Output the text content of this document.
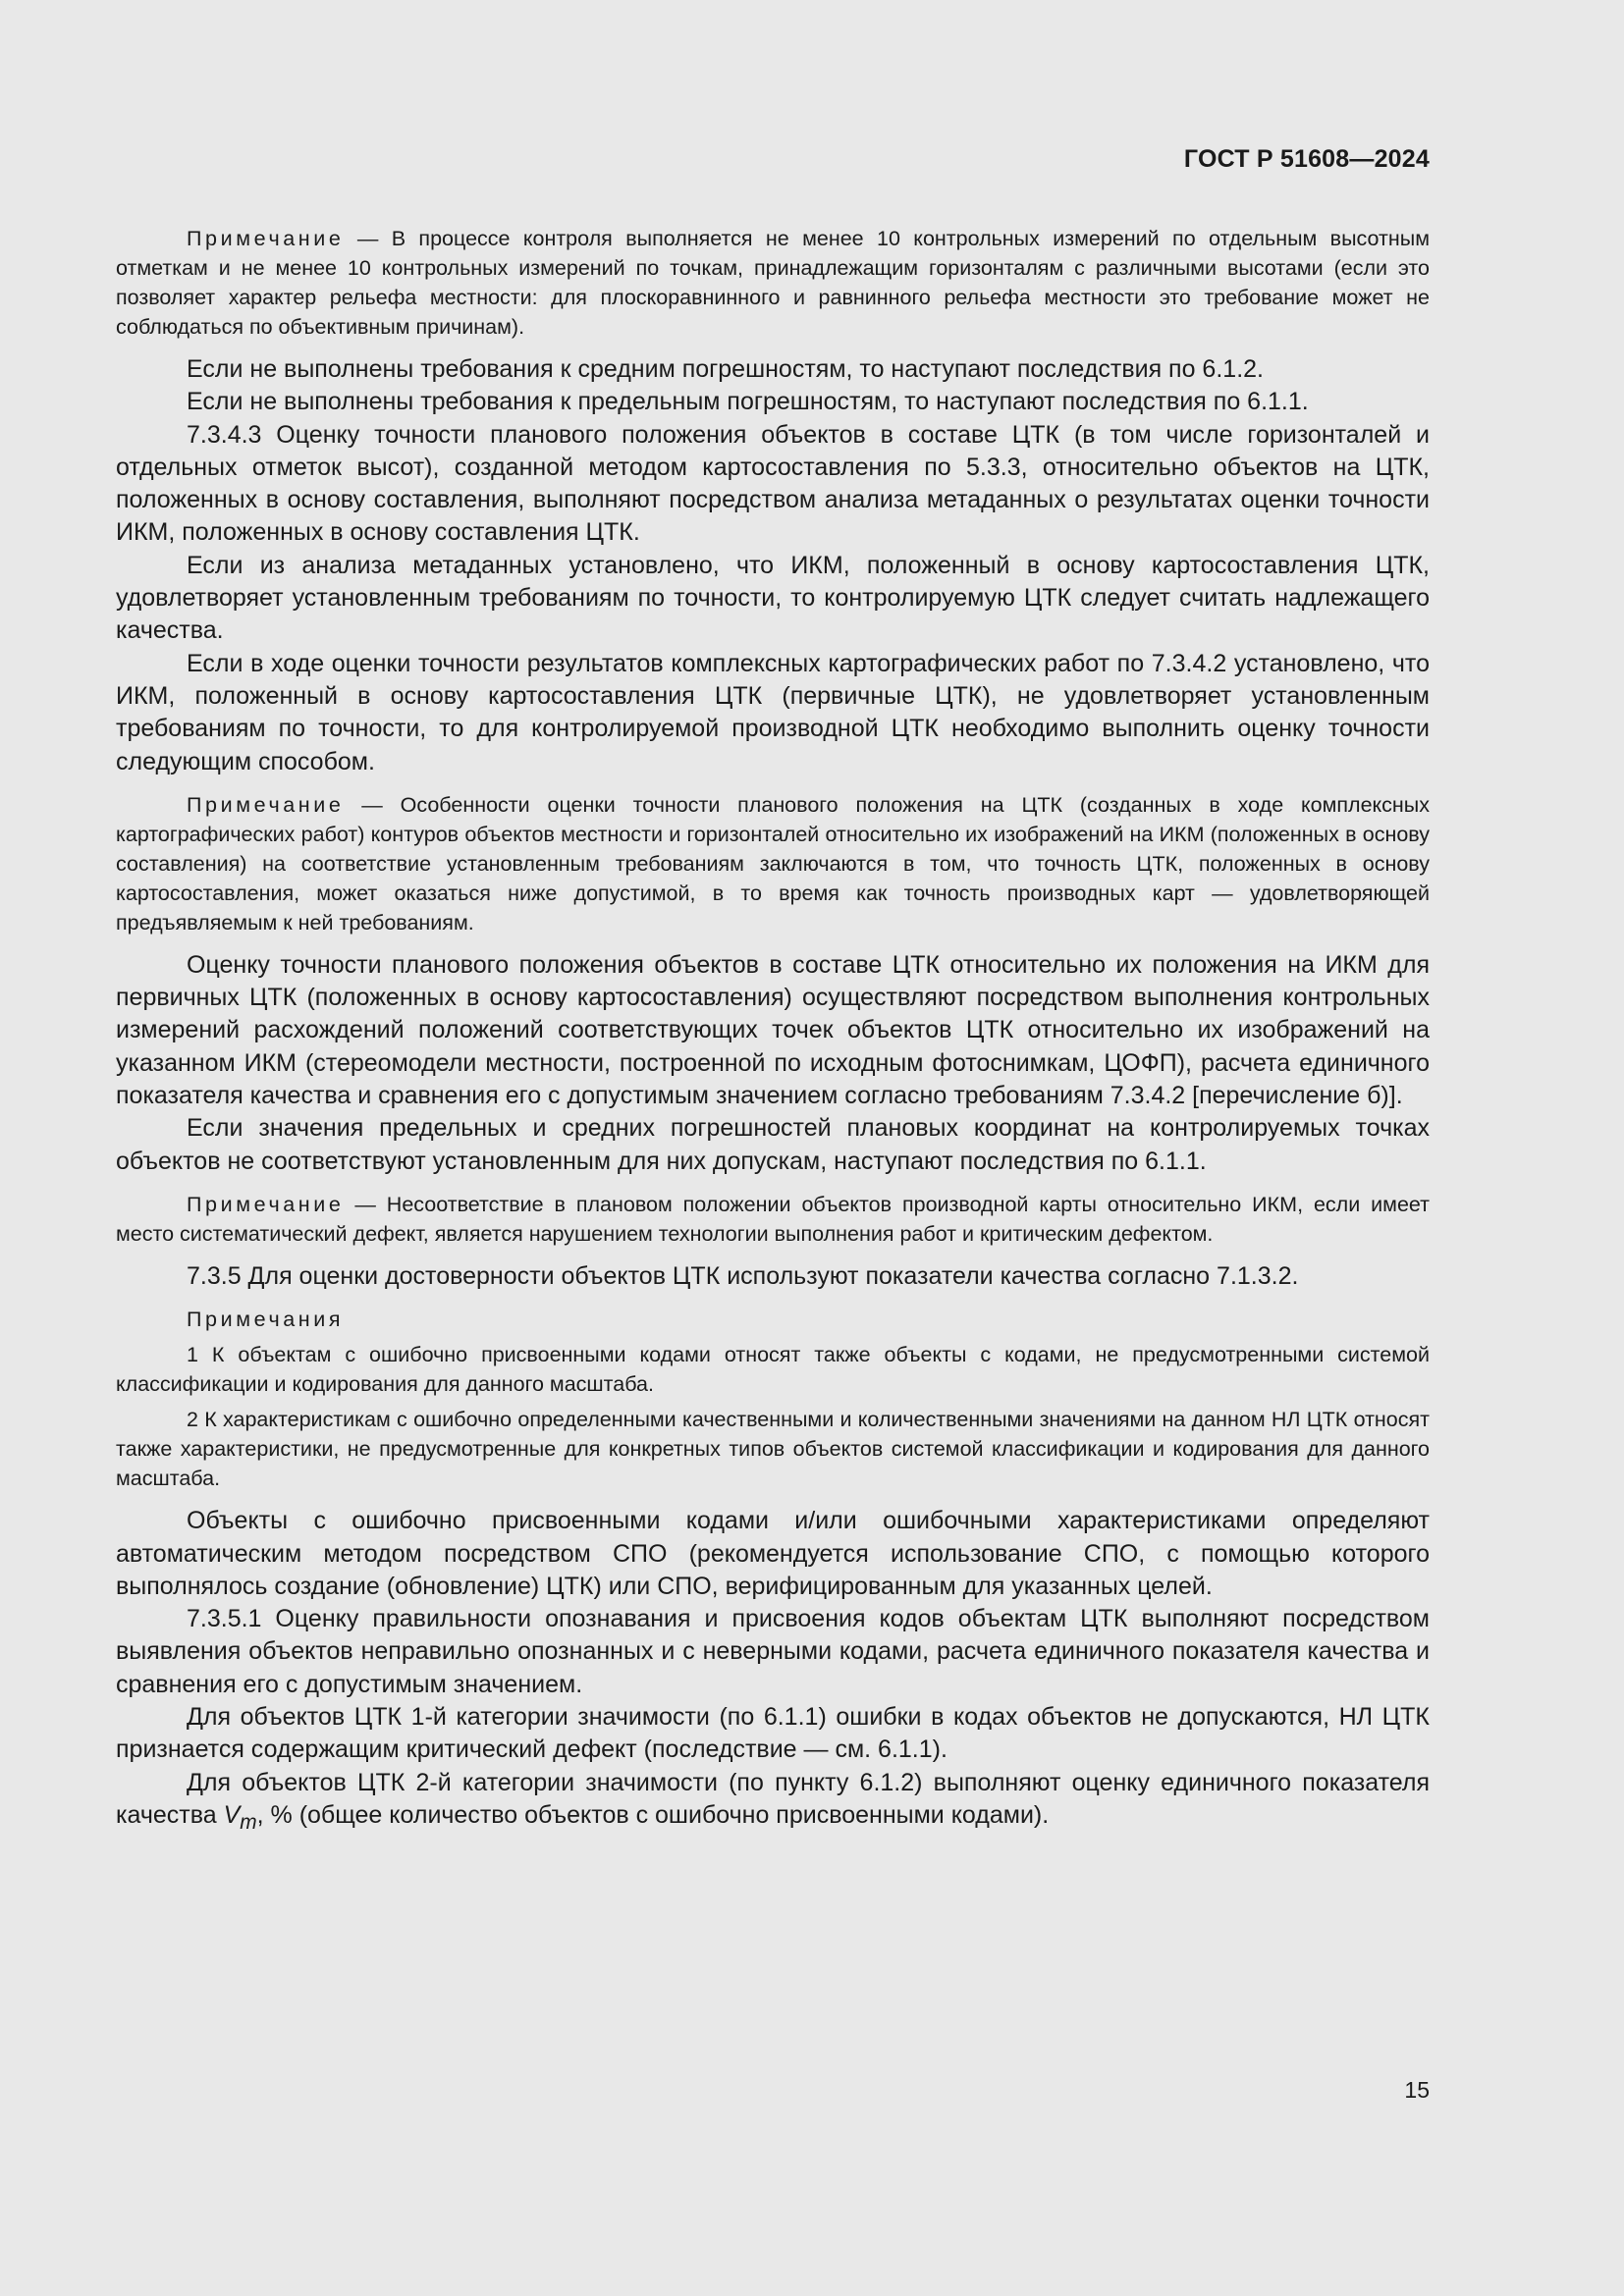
ГОСТ Р 51608—2024

Примечание — В процессе контроля выполняется не менее 10 контрольных измерений по отдельным высотным отметкам и не менее 10 контрольных измерений по точкам, принадлежащим горизонталям с различными высотами (если это позволяет характер рельефа местности: для плоскоравнинного и равнинного рельефа местности это требование может не соблюдаться по объективным причинам).

Если не выполнены требования к средним погрешностям, то наступают последствия по 6.1.2.

Если не выполнены требования к предельным погрешностям, то наступают последствия по 6.1.1.

7.3.4.3 Оценку точности планового положения объектов в составе ЦТК (в том числе горизонталей и отдельных отметок высот), созданной методом картосоставления по 5.3.3, относительно объектов на ЦТК, положенных в основу составления, выполняют посредством анализа метаданных о результатах оценки точности ИКМ, положенных в основу составления ЦТК.

Если из анализа метаданных установлено, что ИКМ, положенный в основу картосоставления ЦТК, удовлетворяет установленным требованиям по точности, то контролируемую ЦТК следует считать надлежащего качества.

Если в ходе оценки точности результатов комплексных картографических работ по 7.3.4.2 установлено, что ИКМ, положенный в основу картосоставления ЦТК (первичные ЦТК), не удовлетворяет установленным требованиям по точности, то для контролируемой производной ЦТК необходимо выполнить оценку точности следующим способом.

Примечание — Особенности оценки точности планового положения на ЦТК (созданных в ходе комплексных картографических работ) контуров объектов местности и горизонталей относительно их изображений на ИКМ (положенных в основу составления) на соответствие установленным требованиям заключаются в том, что точность ЦТК, положенных в основу картосоставления, может оказаться ниже допустимой, в то время как точность производных карт — удовлетворяющей предъявляемым к ней требованиям.

Оценку точности планового положения объектов в составе ЦТК относительно их положения на ИКМ для первичных ЦТК (положенных в основу картосоставления) осуществляют посредством выполнения контрольных измерений расхождений положений соответствующих точек объектов ЦТК относительно их изображений на указанном ИКМ (стереомодели местности, построенной по исходным фотоснимкам, ЦОФП), расчета единичного показателя качества и сравнения его с допустимым значением согласно требованиям 7.3.4.2 [перечисление б)].

Если значения предельных и средних погрешностей плановых координат на контролируемых точках объектов не соответствуют установленным для них допускам, наступают последствия по 6.1.1.

Примечание — Несоответствие в плановом положении объектов производной карты относительно ИКМ, если имеет место систематический дефект, является нарушением технологии выполнения работ и критическим дефектом.

7.3.5 Для оценки достоверности объектов ЦТК используют показатели качества согласно 7.1.3.2.

Примечания

1 К объектам с ошибочно присвоенными кодами относят также объекты с кодами, не предусмотренными системой классификации и кодирования для данного масштаба.

2 К характеристикам с ошибочно определенными качественными и количественными значениями на данном НЛ ЦТК относят также характеристики, не предусмотренные для конкретных типов объектов системой классификации и кодирования для данного масштаба.

Объекты с ошибочно присвоенными кодами и/или ошибочными характеристиками определяют автоматическим методом посредством СПО (рекомендуется использование СПО, с помощью которого выполнялось создание (обновление) ЦТК) или СПО, верифицированным для указанных целей.

7.3.5.1 Оценку правильности опознавания и присвоения кодов объектам ЦТК выполняют посредством выявления объектов неправильно опознанных и с неверными кодами, расчета единичного показателя качества и сравнения его с допустимым значением.

Для объектов ЦТК 1-й категории значимости (по 6.1.1) ошибки в кодах объектов не допускаются, НЛ ЦТК признается содержащим критический дефект (последствие — см. 6.1.1).

Для объектов ЦТК 2-й категории значимости (по пункту 6.1.2) выполняют оценку единичного показателя качества $V_m$, % (общее количество объектов с ошибочно присвоенными кодами).

15
